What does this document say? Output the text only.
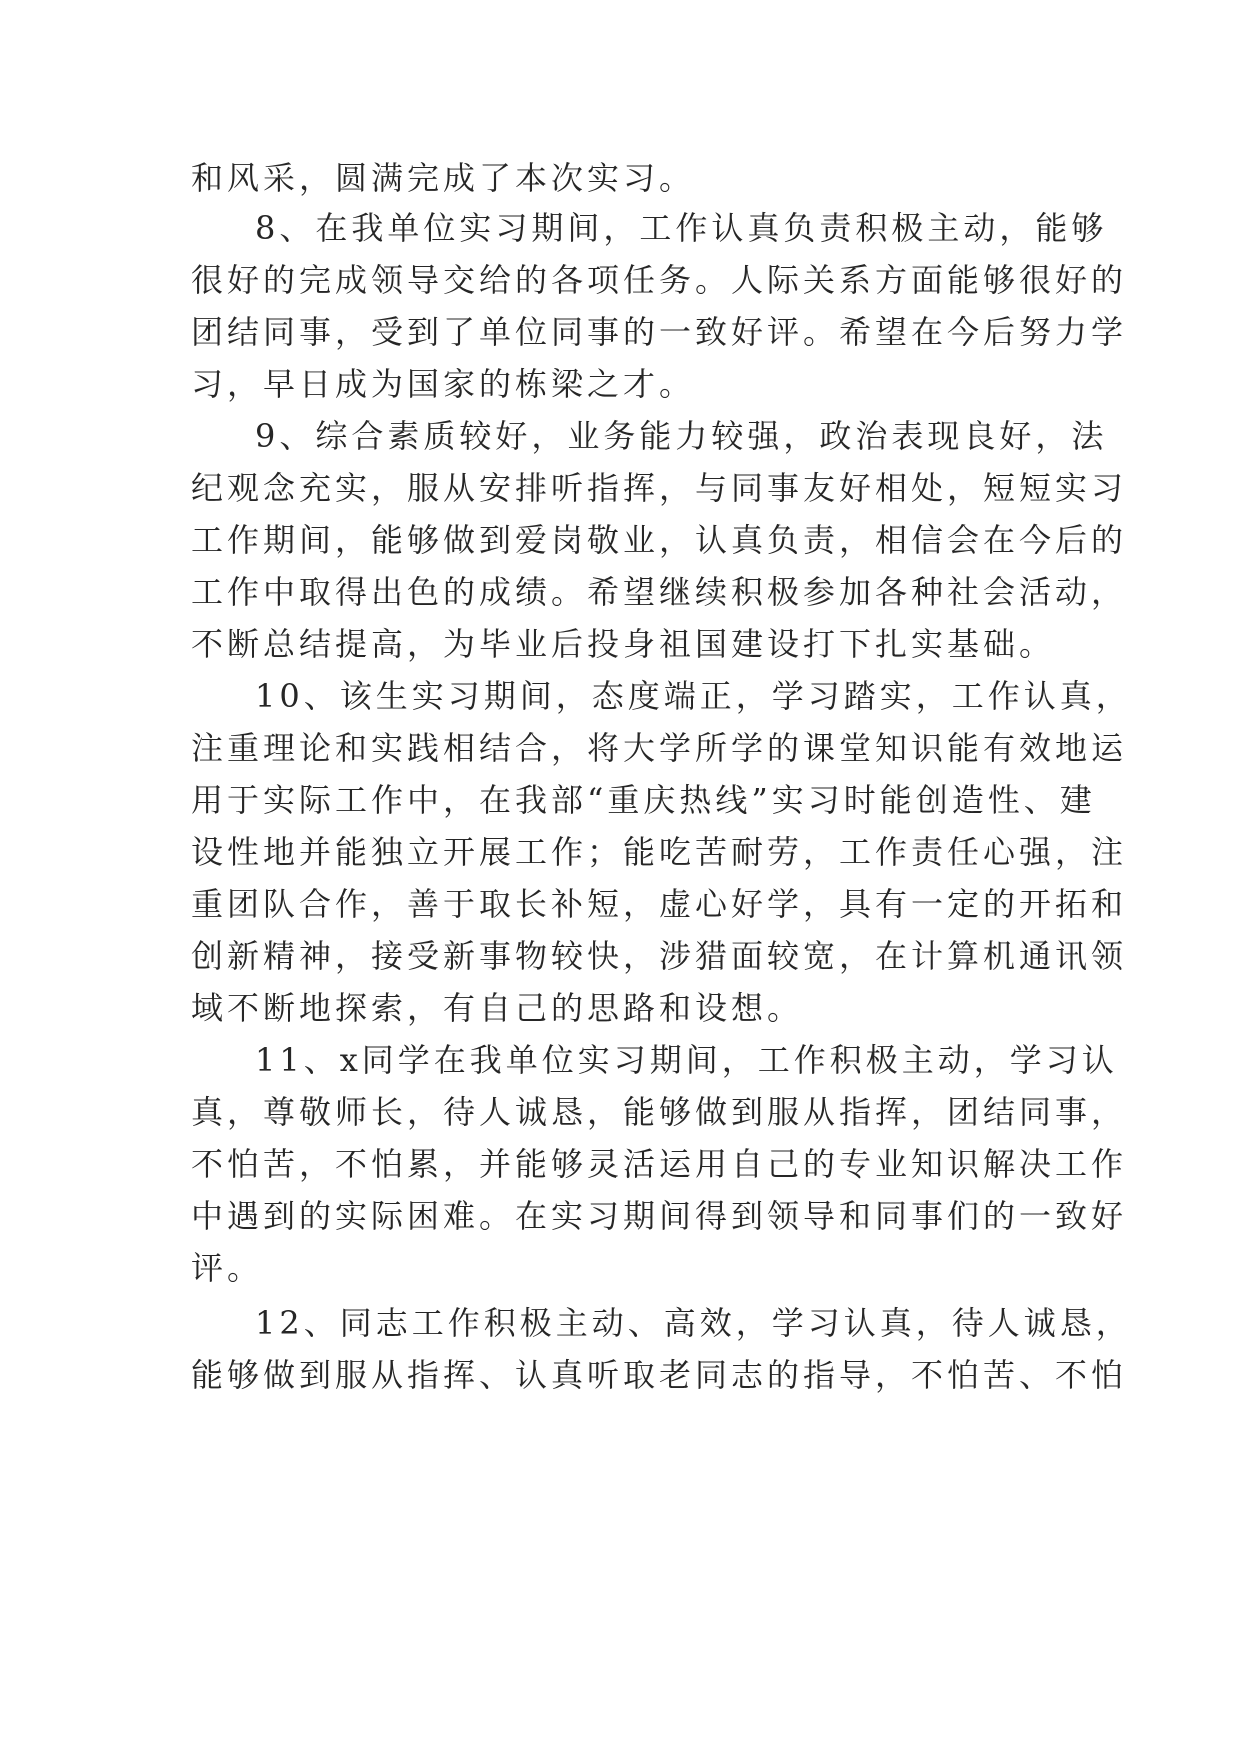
和风采，圆满完成了本次实习。
8、在我单位实习期间，工作认真负责积极主动，能够
很好的完成领导交给的各项任务。人际关系方面能够很好的
团结同事，受到了单位同事的一致好评。希望在今后努力学
习，早日成为国家的栋梁之才。
9、综合素质较好，业务能力较强，政治表现良好，法
纪观念充实，服从安排听指挥，与同事友好相处，短短实习
工作期间，能够做到爱岗敬业，认真负责，相信会在今后的
工作中取得出色的成绩。希望继续积极参加各种社会活动，
不断总结提高，为毕业后投身祖国建设打下扎实基础。
10、该生实习期间，态度端正，学习踏实，工作认真，
注重理论和实践相结合，将大学所学的课堂知识能有效地运
用于实际工作中，在我部“重庆热线”实习时能创造性、建
设性地并能独立开展工作；能吃苦耐劳，工作责任心强，注
重团队合作，善于取长补短，虚心好学，具有一定的开拓和
创新精神，接受新事物较快，涉猎面较宽，在计算机通讯领
域不断地探索，有自己的思路和设想。
11、x同学在我单位实习期间，工作积极主动，学习认
真，尊敬师长，待人诚恳，能够做到服从指挥，团结同事，
不怕苦，不怕累，并能够灵活运用自己的专业知识解决工作
中遇到的实际困难。在实习期间得到领导和同事们的一致好
评。
12、同志工作积极主动、高效，学习认真，待人诚恳，
能够做到服从指挥、认真听取老同志的指导，不怕苦、不怕
